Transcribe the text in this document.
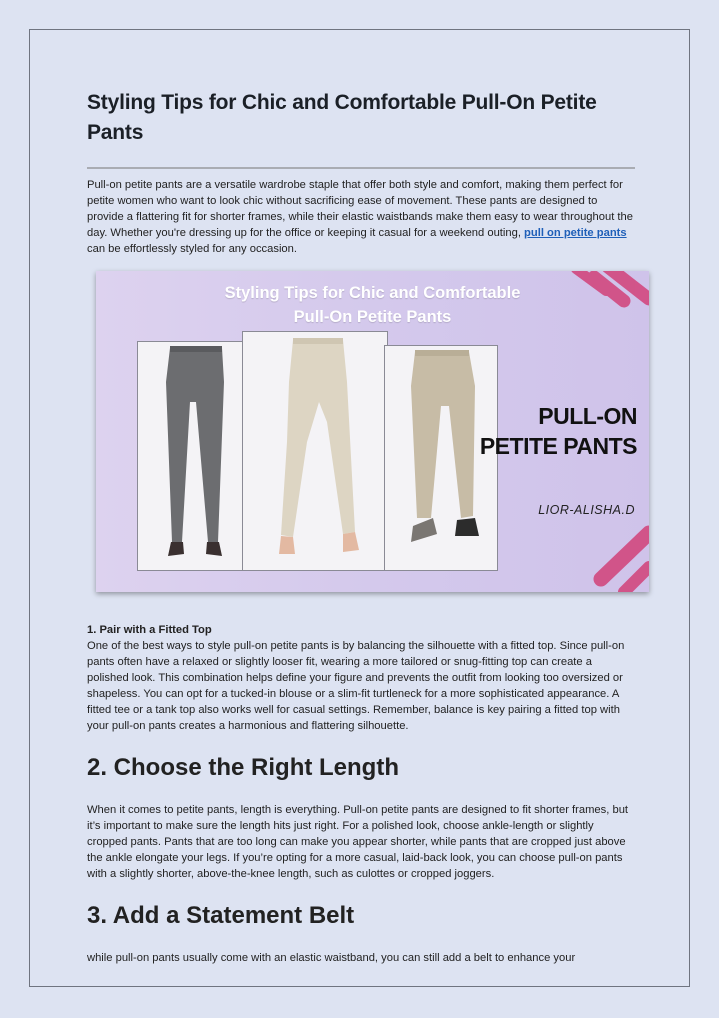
Styling Tips for Chic and Comfortable Pull-On Petite Pants

Pull-on petite pants are a versatile wardrobe staple that offer both style and comfort, making them perfect for petite women who want to look chic without sacrificing ease of movement. These pants are designed to provide a flattering fit for shorter frames, while their elastic waistbands make them easy to wear throughout the day. Whether you're dressing up for the office or keeping it casual for a weekend outing, pull on petite pants can be effortlessly styled for any occasion.

Styling Tips for Chic and Comfortable
Pull-On Petite Pants
PULL-ON
PETITE PANTS
LIOR-ALISHA.D
1. Pair with a Fitted Top

One of the best ways to style pull-on petite pants is by balancing the silhouette with a fitted top. Since pull-on pants often have a relaxed or slightly looser fit, wearing a more tailored or snug-fitting top can create a polished look. This combination helps define your figure and prevents the outfit from looking too oversized or shapeless. You can opt for a tucked-in blouse or a slim-fit turtleneck for a more sophisticated appearance. A fitted tee or a tank top also works well for casual settings. Remember, balance is key pairing a fitted top with your pull-on pants creates a harmonious and flattering silhouette.

2. Choose the Right Length

When it comes to petite pants, length is everything. Pull-on petite pants are designed to fit shorter frames, but it’s important to make sure the length hits just right. For a polished look, choose ankle-length or slightly cropped pants. Pants that are too long can make you appear shorter, while pants that are cropped just above the ankle elongate your legs. If you’re opting for a more casual, laid-back look, you can choose pull-on pants with a slightly shorter, above-the-knee length, such as culottes or cropped joggers.

3. Add a Statement Belt

while pull-on pants usually come with an elastic waistband, you can still add a belt to enhance your
